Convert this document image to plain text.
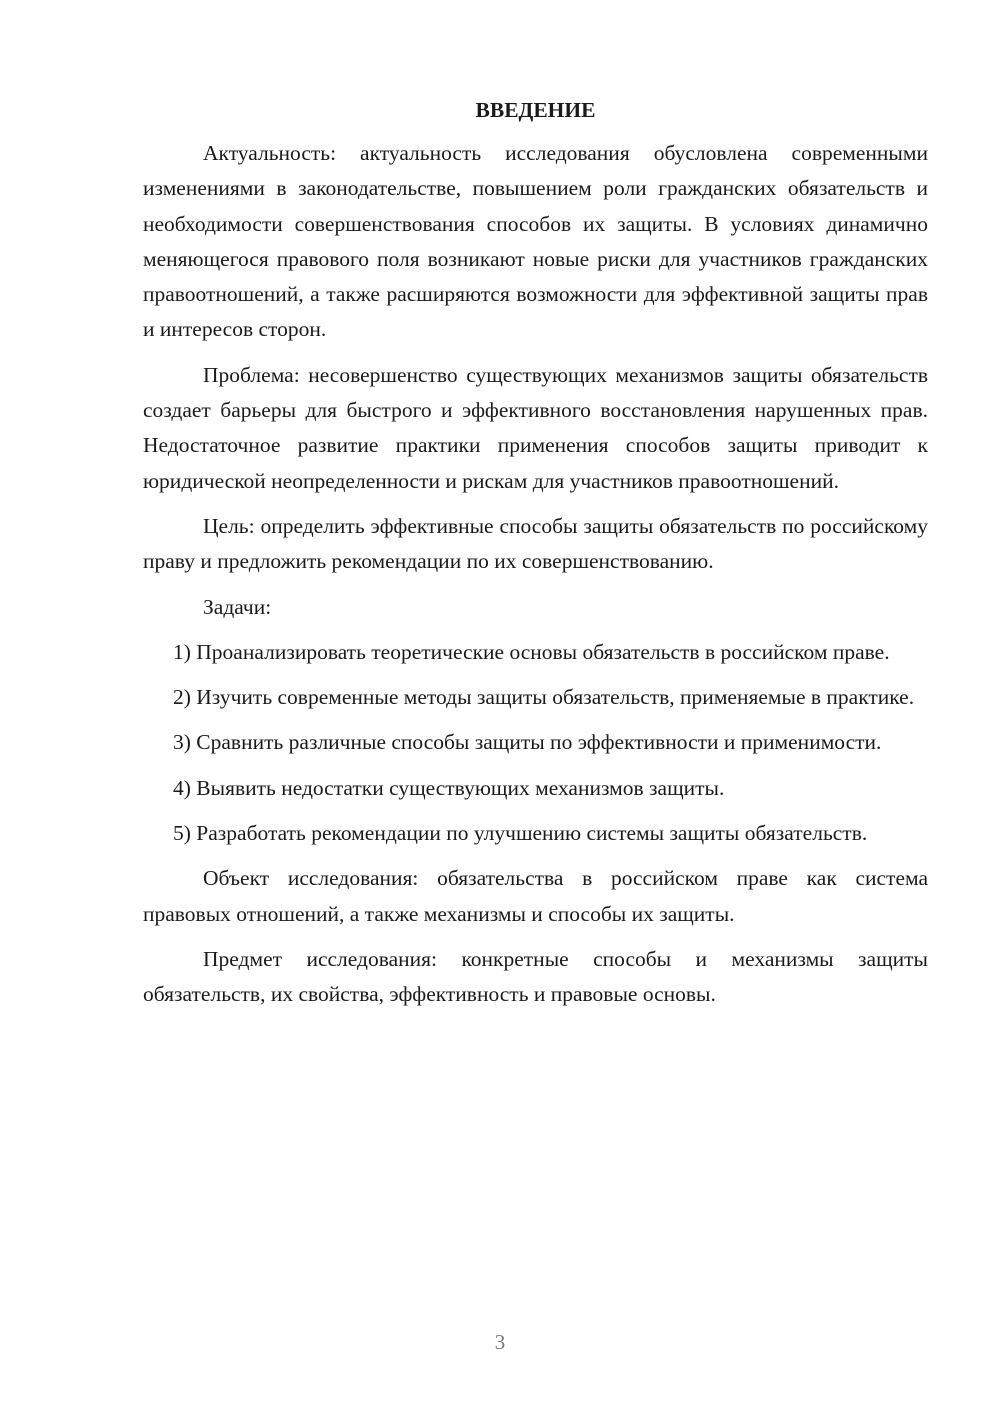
ВВЕДЕНИЕ

Актуальность: актуальность исследования обусловлена современными изменениями в законодательстве, повышением роли гражданских обязательств и необходимости совершенствования способов их защиты. В условиях динамично меняющегося правового поля возникают новые риски для участников гражданских правоотношений, а также расширяются возможности для эффективной защиты прав и интересов сторон.

Проблема: несовершенство существующих механизмов защиты обязательств создает барьеры для быстрого и эффективного восстановления нарушенных прав. Недостаточное развитие практики применения способов защиты приводит к юридической неопределенности и рискам для участников правоотношений.

Цель: определить эффективные способы защиты обязательств по российскому праву и предложить рекомендации по их совершенствованию.

Задачи:

1) Проанализировать теоретические основы обязательств в российском праве.

2) Изучить современные методы защиты обязательств, применяемые в практике.

3) Сравнить различные способы защиты по эффективности и применимости.

4) Выявить недостатки существующих механизмов защиты.

5) Разработать рекомендации по улучшению системы защиты обязательств.

Объект исследования: обязательства в российском праве как система правовых отношений, а также механизмы и способы их защиты.

Предмет исследования: конкретные способы и механизмы защиты обязательств, их свойства, эффективность и правовые основы.

3
